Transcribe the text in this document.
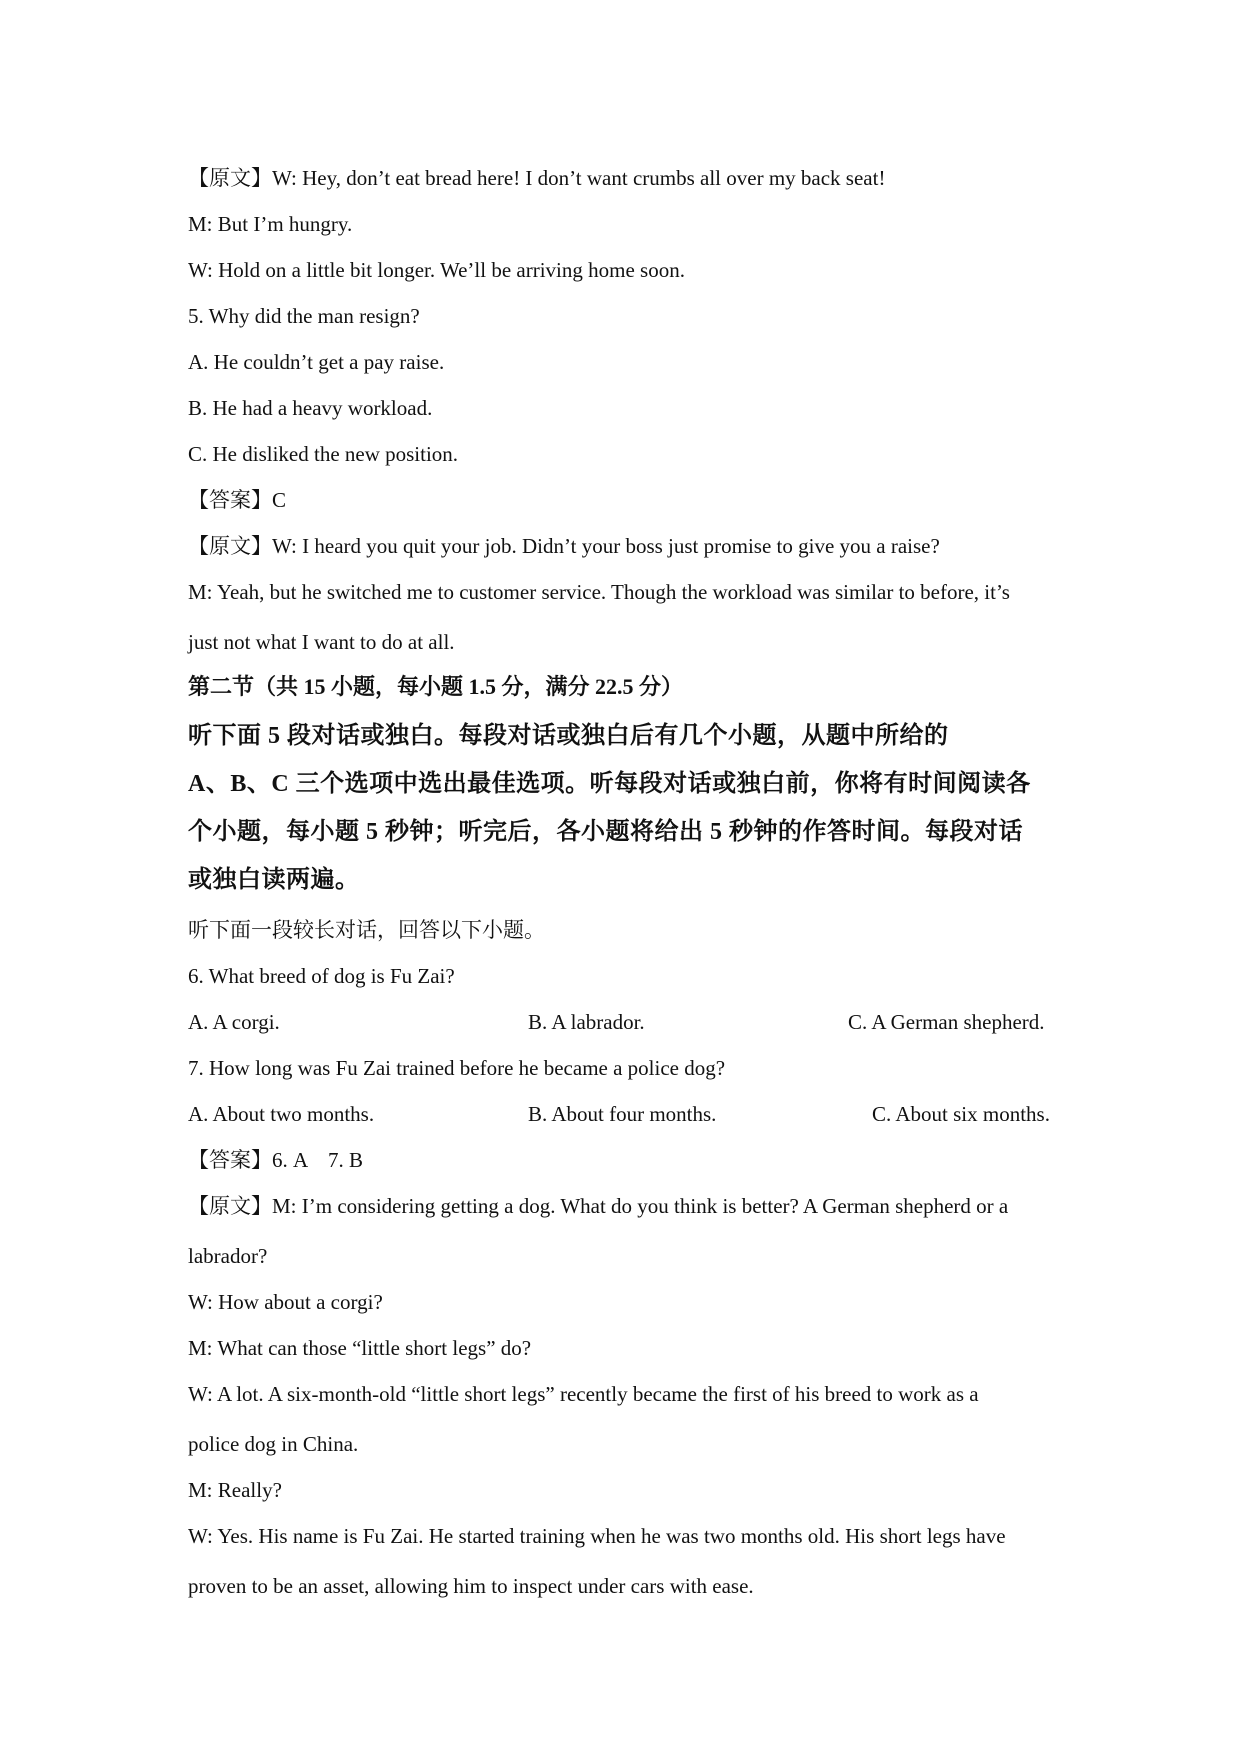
【原文】W: Hey, don’t eat bread here! I don’t want crumbs all over my back seat!
M: But I’m hungry.
W: Hold on a little bit longer. We’ll be arriving home soon.
5. Why did the man resign?
A. He couldn’t get a pay raise.
B. He had a heavy workload.
C. He disliked the new position.
【答案】C
【原文】W: I heard you quit your job. Didn’t your boss just promise to give you a raise?
M: Yeah, but he switched me to customer service. Though the workload was similar to before, it’s
just not what I want to do at all.
第二节（共 15 小题，每小题 1.5 分，满分 22.5 分）
听下面 5 段对话或独白。每段对话或独白后有几个小题，从题中所给的
A、B、C 三个选项中选出最佳选项。听每段对话或独白前，你将有时间阅读各
个小题，每小题 5 秒钟；听完后，各小题将给出 5 秒钟的作答时间。每段对话
或独白读两遍。
听下面一段较长对话，回答以下小题。
6. What breed of dog is Fu Zai?
A. A corgi.	B. A labrador.	C. A German shepherd.
7. How long was Fu Zai trained before he became a police dog?
A. About two months.	B. About four months.	C. About six months.
【答案】6. A　7. B
【原文】M: I’m considering getting a dog. What do you think is better? A German shepherd or a
labrador?
W: How about a corgi?
M: What can those “little short legs” do?
W: A lot. A six-month-old “little short legs” recently became the first of his breed to work as a
police dog in China.
M: Really?
W: Yes. His name is Fu Zai. He started training when he was two months old. His short legs have
proven to be an asset, allowing him to inspect under cars with ease.
